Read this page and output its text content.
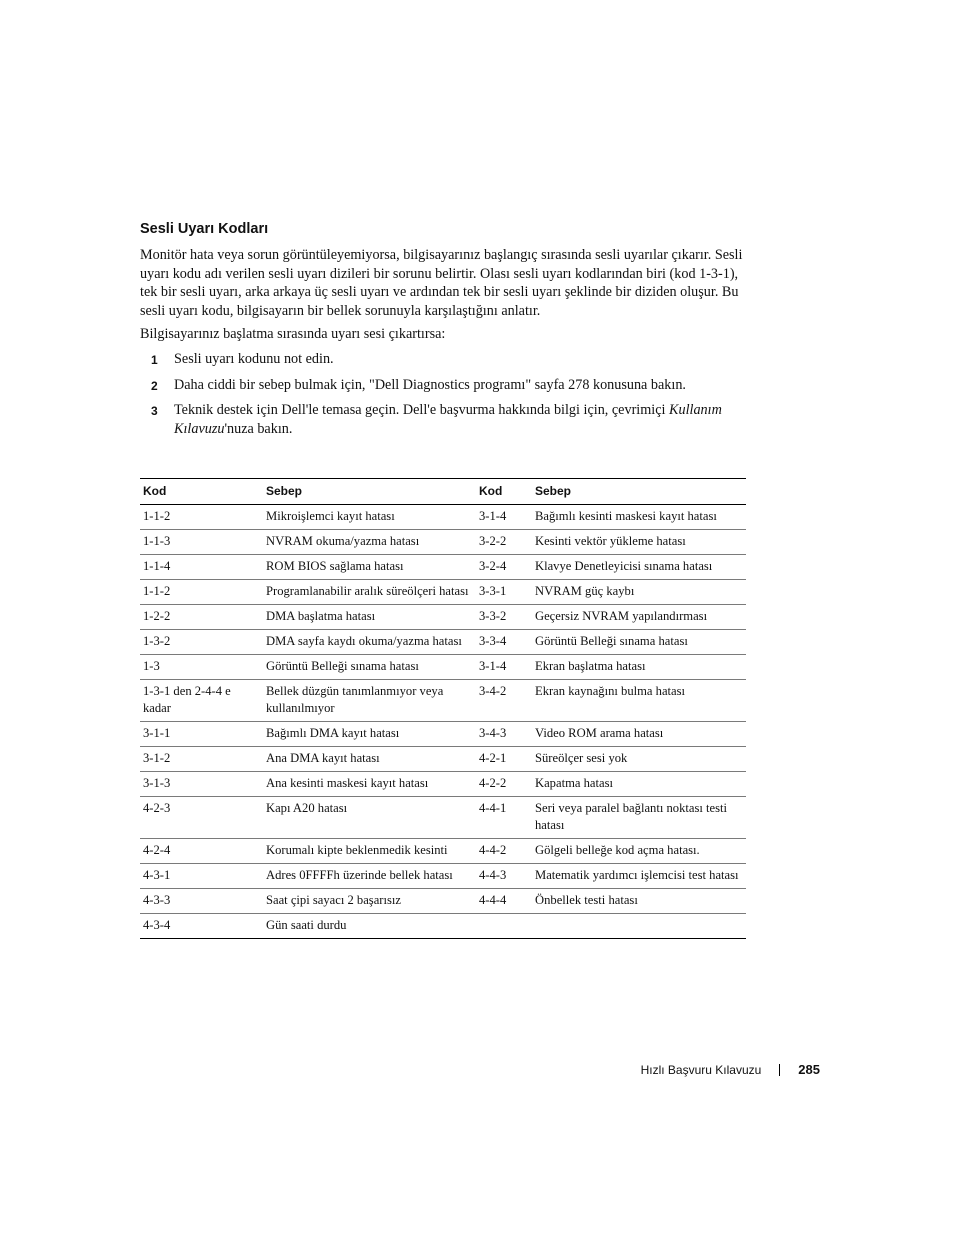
Sesli Uyarı Kodları

Monitör hata veya sorun görüntüleyemiyorsa, bilgisayarınız başlangıç sırasında sesli uyarılar çıkarır. Sesli uyarı kodu adı verilen sesli uyarı dizileri bir sorunu belirtir. Olası sesli uyarı kodlarından biri (kod 1-3-1), tek bir sesli uyarı, arka arkaya üç sesli uyarı ve ardından tek bir sesli uyarı şeklinde bir diziden oluşur. Bu sesli uyarı kodu, bilgisayarın bir bellek sorunuyla karşılaştığını anlatır.

Bilgisayarınız başlatma sırasında uyarı sesi çıkartırsa:

1	Sesli uyarı kodunu not edin.
2	Daha ciddi bir sebep bulmak için, "Dell Diagnostics programı" sayfa 278 konusuna bakın.
3	Teknik destek için Dell'le temasa geçin. Dell'e başvurma hakkında bilgi için, çevrimiçi Kullanım Kılavuzu'nuza bakın.
Kod	Sebep	Kod	Sebep
1-1-2	Mikroişlemci kayıt hatası	3-1-4	Bağımlı kesinti maskesi kayıt hatası
1-1-3	NVRAM okuma/yazma hatası	3-2-2	Kesinti vektör yükleme hatası
1-1-4	ROM BIOS sağlama hatası	3-2-4	Klavye Denetleyicisi sınama hatası
1-1-2	Programlanabilir aralık süreölçeri hatası	3-3-1	NVRAM güç kaybı
1-2-2	DMA başlatma hatası	3-3-2	Geçersiz NVRAM yapılandırması
1-3-2	DMA sayfa kaydı okuma/yazma hatası	3-3-4	Görüntü Belleği sınama hatası
1-3	Görüntü Belleği sınama hatası	3-1-4	Ekran başlatma hatası
1-3-1 den 2-4-4 e kadar	Bellek düzgün tanımlanmıyor veya kullanılmıyor	3-4-2	Ekran kaynağını bulma hatası
3-1-1	Bağımlı DMA kayıt hatası	3-4-3	Video ROM arama hatası
3-1-2	Ana DMA kayıt hatası	4-2-1	Süreölçer sesi yok
3-1-3	Ana kesinti maskesi kayıt hatası	4-2-2	Kapatma hatası
4-2-3	Kapı A20 hatası	4-4-1	Seri veya paralel bağlantı noktası testi hatası
4-2-4	Korumalı kipte beklenmedik kesinti	4-4-2	Gölgeli belleğe kod açma hatası.
4-3-1	Adres 0FFFFh üzerinde bellek hatası	4-4-3	Matematik yardımcı işlemcisi test hatası
4-3-3	Saat çipi sayacı 2 başarısız	4-4-4	Önbellek testi hatası
4-3-4	Gün saati durdu		
Hızlı Başvuru Kılavuzu	285
